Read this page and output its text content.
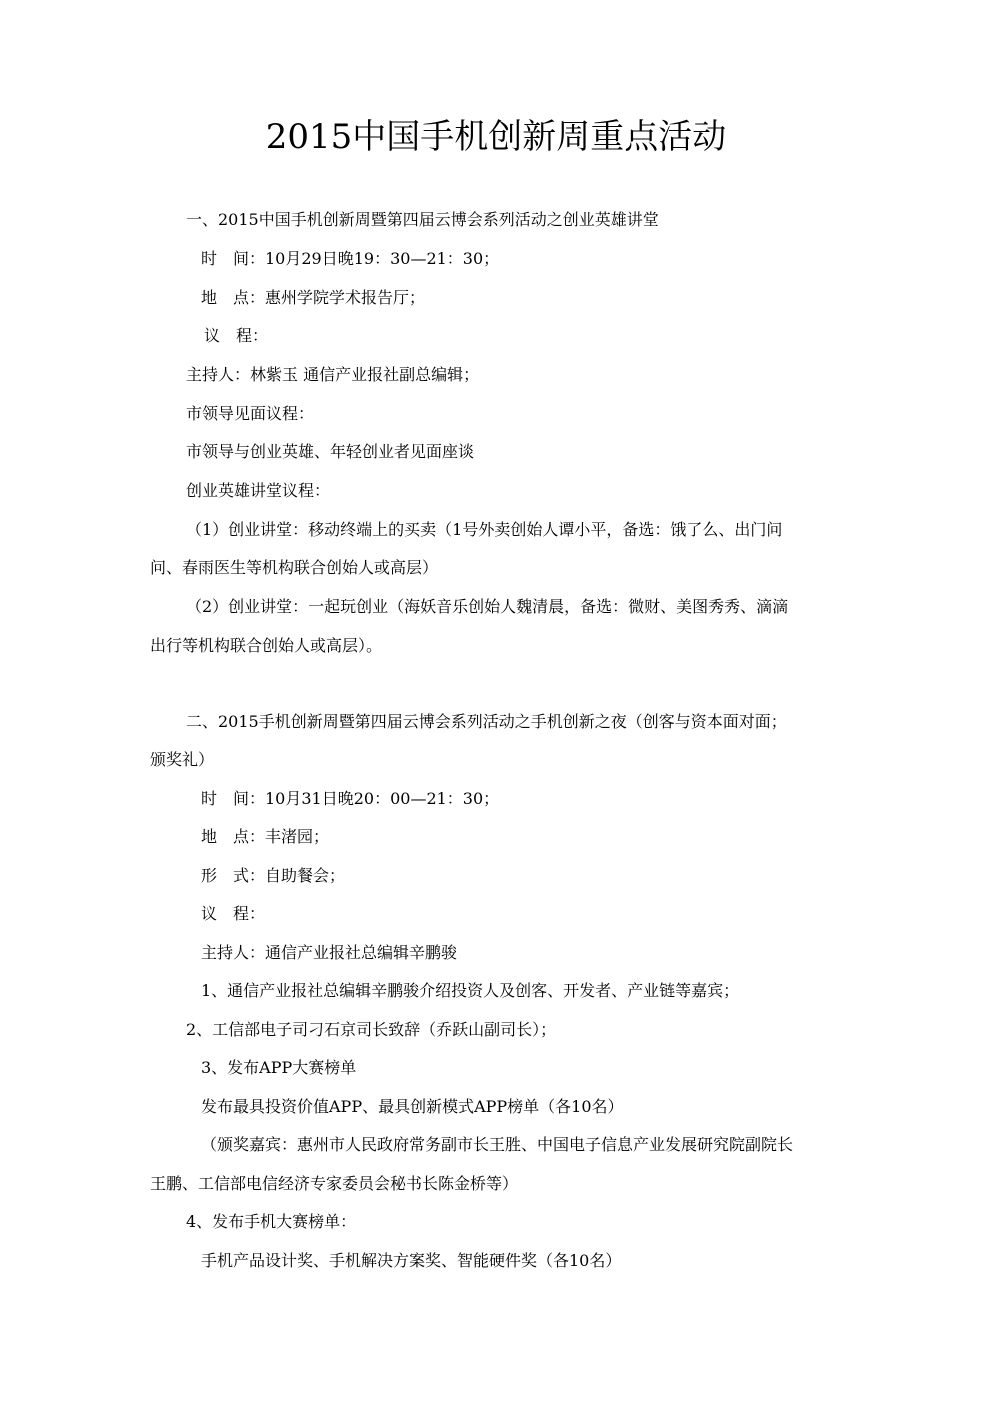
2015中国手机创新周重点活动

一、2015中国手机创新周暨第四届云博会系列活动之创业英雄讲堂

时　间：10月29日晚19：30—21：30；

地　点：惠州学院学术报告厅；

议　程：

主持人：林紫玉 通信产业报社副总编辑；

市领导见面议程：

市领导与创业英雄、年轻创业者见面座谈

创业英雄讲堂议程：

（1）创业讲堂：移动终端上的买卖（1号外卖创始人谭小平，备选：饿了么、出门问

问、春雨医生等机构联合创始人或高层）

（2）创业讲堂：一起玩创业（海妖音乐创始人魏清晨，备选：微财、美图秀秀、滴滴

出行等机构联合创始人或高层）。

二、2015手机创新周暨第四届云博会系列活动之手机创新之夜（创客与资本面对面；

颁奖礼）

时　间：10月31日晚20：00—21：30；

地　点：丰渚园；

形　式：自助餐会；

议　程：

主持人：通信产业报社总编辑辛鹏骏

1、通信产业报社总编辑辛鹏骏介绍投资人及创客、开发者、产业链等嘉宾；

2、工信部电子司刁石京司长致辞（乔跃山副司长）；

3、发布APP大赛榜单

发布最具投资价值APP、最具创新模式APP榜单（各10名）

（颁奖嘉宾：惠州市人民政府常务副市长王胜、中国电子信息产业发展研究院副院长

王鹏、工信部电信经济专家委员会秘书长陈金桥等）

4、发布手机大赛榜单：

手机产品设计奖、手机解决方案奖、智能硬件奖（各10名）
